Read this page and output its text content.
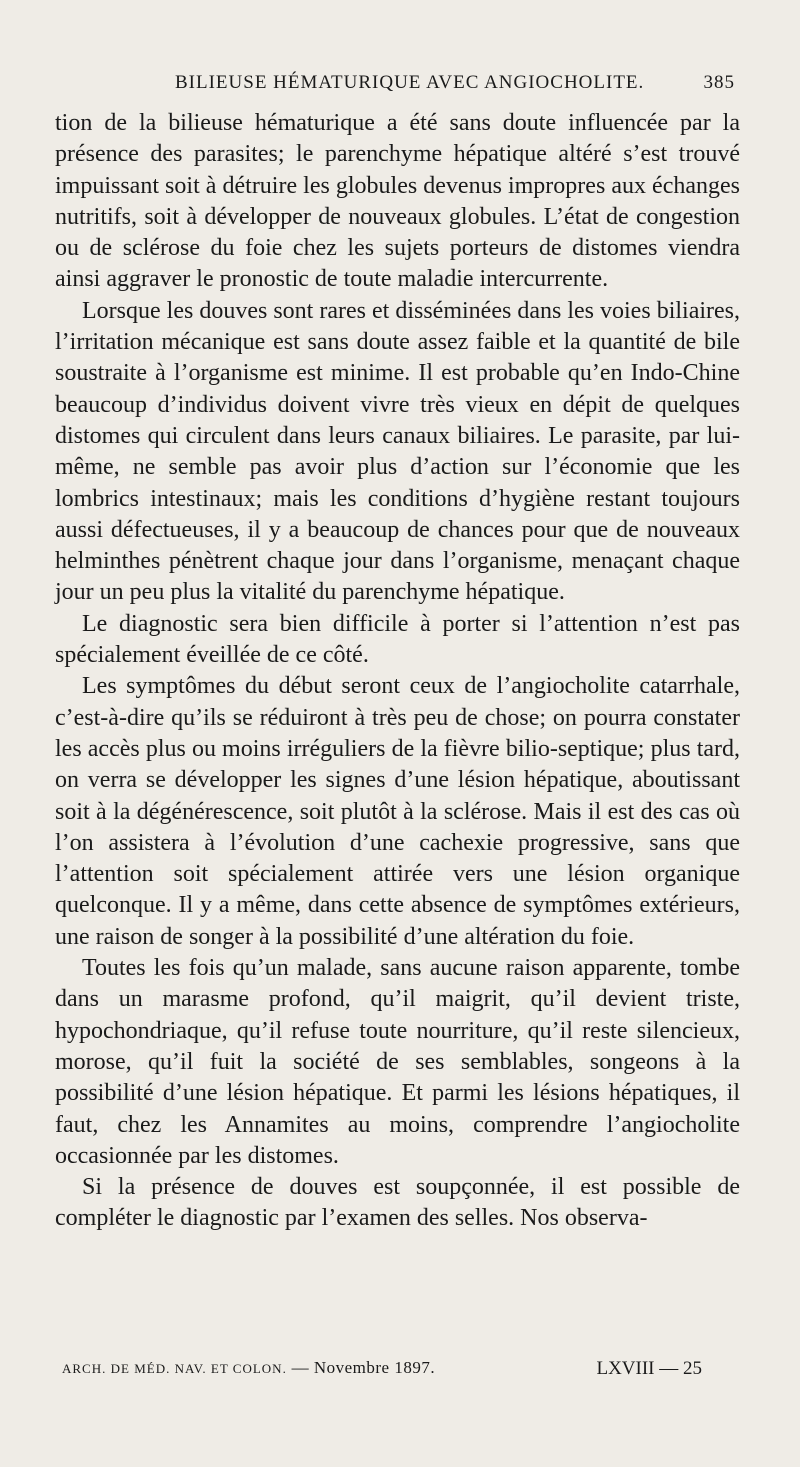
BILIEUSE HÉMATURIQUE AVEC ANGIOCHOLITE.	385

tion de la bilieuse hématurique a été sans doute influencée par la présence des parasites; le parenchyme hépatique altéré s’est trouvé impuissant soit à détruire les globules devenus impropres aux échanges nutritifs, soit à développer de nouveaux globules. L’état de congestion ou de sclérose du foie chez les sujets porteurs de distomes viendra ainsi aggraver le pronostic de toute maladie intercurrente.

Lorsque les douves sont rares et disséminées dans les voies biliaires, l’irritation mécanique est sans doute assez faible et la quantité de bile soustraite à l’organisme est minime. Il est probable qu’en Indo-Chine beaucoup d’individus doivent vivre très vieux en dépit de quelques distomes qui circulent dans leurs canaux biliaires. Le parasite, par lui-même, ne semble pas avoir plus d’action sur l’économie que les lombrics intestinaux; mais les conditions d’hygiène restant toujours aussi défectueuses, il y a beaucoup de chances pour que de nouveaux helminthes pénètrent chaque jour dans l’organisme, menaçant chaque jour un peu plus la vitalité du parenchyme hépatique.

Le diagnostic sera bien difficile à porter si l’attention n’est pas spécialement éveillée de ce côté.

Les symptômes du début seront ceux de l’angiocholite catarrhale, c’est-à-dire qu’ils se réduiront à très peu de chose; on pourra constater les accès plus ou moins irréguliers de la fièvre bilio-septique; plus tard, on verra se développer les signes d’une lésion hépatique, aboutissant soit à la dégénérescence, soit plutôt à la sclérose. Mais il est des cas où l’on assistera à l’évolution d’une cachexie progressive, sans que l’attention soit spécialement attirée vers une lésion organique quelconque. Il y a même, dans cette absence de symptômes extérieurs, une raison de songer à la possibilité d’une altération du foie.

Toutes les fois qu’un malade, sans aucune raison apparente, tombe dans un marasme profond, qu’il maigrit, qu’il devient triste, hypochondriaque, qu’il refuse toute nourriture, qu’il reste silencieux, morose, qu’il fuit la société de ses semblables, songeons à la possibilité d’une lésion hépatique. Et parmi les lésions hépatiques, il faut, chez les Annamites au moins, comprendre l’angiocholite occasionnée par les distomes.

Si la présence de douves est soupçonnée, il est possible de compléter le diagnostic par l’examen des selles. Nos observa-

ARCH. DE MÉD. NAV. ET COLON. — Novembre 1897.	LXVIII — 25
